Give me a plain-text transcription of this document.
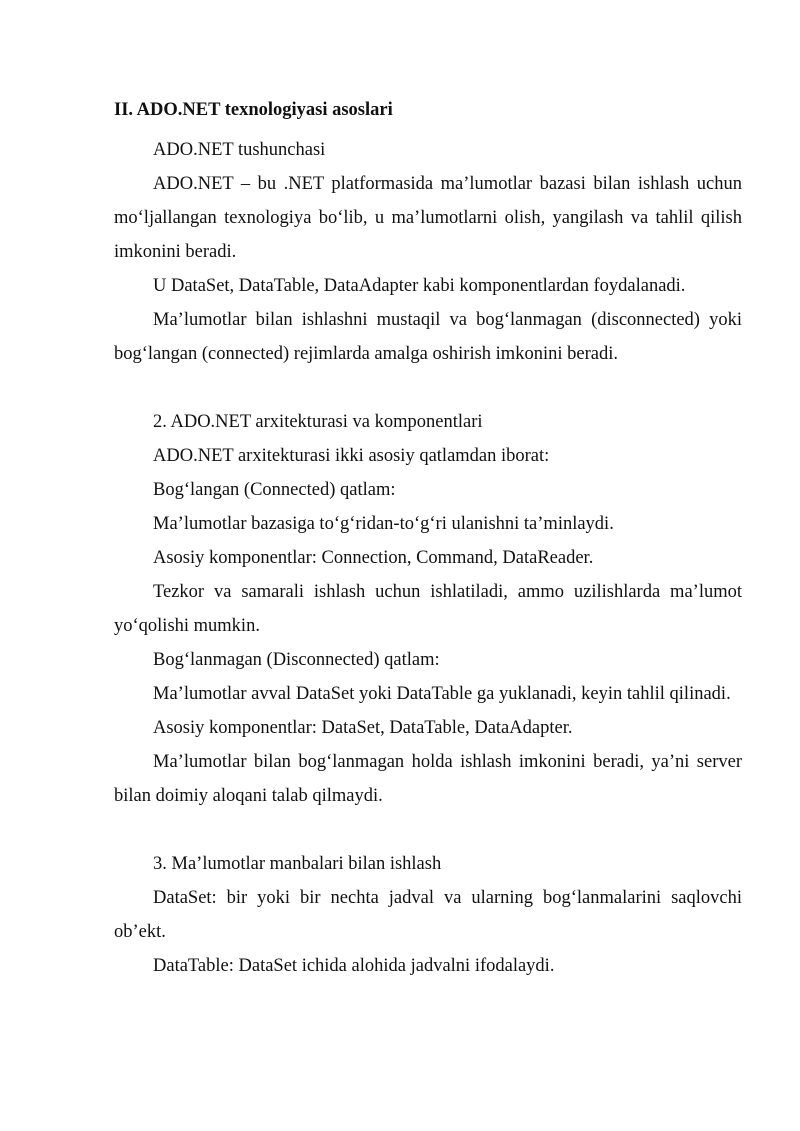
II. ADO.NET texnologiyasi asoslari

ADO.NET tushunchasi

ADO.NET – bu .NET platformasida ma’lumotlar bazasi bilan ishlash uchun mo‘ljallangan texnologiya bo‘lib, u ma’lumotlarni olish, yangilash va tahlil qilish imkonini beradi.

U DataSet, DataTable, DataAdapter kabi komponentlardan foydalanadi.

Ma’lumotlar bilan ishlashni mustaqil va bog‘lanmagan (disconnected) yoki bog‘langan (connected) rejimlarda amalga oshirish imkonini beradi.

2. ADO.NET arxitekturasi va komponentlari

ADO.NET arxitekturasi ikki asosiy qatlamdan iborat:

Bog‘langan (Connected) qatlam:

Ma’lumotlar bazasiga to‘g‘ridan-to‘g‘ri ulanishni ta’minlaydi.

Asosiy komponentlar: Connection, Command, DataReader.

Tezkor va samarali ishlash uchun ishlatiladi, ammo uzilishlarda ma’lumot yo‘qolishi mumkin.

Bog‘lanmagan (Disconnected) qatlam:

Ma’lumotlar avval DataSet yoki DataTable ga yuklanadi, keyin tahlil qilinadi.

Asosiy komponentlar: DataSet, DataTable, DataAdapter.

Ma’lumotlar bilan bog‘lanmagan holda ishlash imkonini beradi, ya’ni server bilan doimiy aloqani talab qilmaydi.

3. Ma’lumotlar manbalari bilan ishlash

DataSet: bir yoki bir nechta jadval va ularning bog‘lanmalarini saqlovchi ob’ekt.

DataTable: DataSet ichida alohida jadvalni ifodalaydi.
